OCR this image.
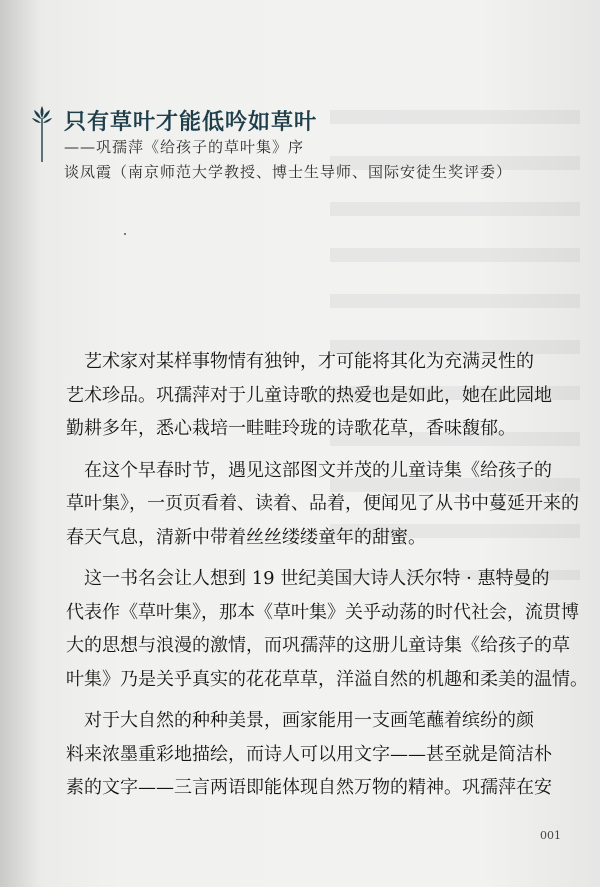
只有草叶才能低吟如草叶
——巩孺萍《给孩子的草叶集》序
谈凤霞（南京师范大学教授、博士生导师、国际安徒生奖评委）

　艺术家对某样事物情有独钟，才可能将其化为充满灵性的
艺术珍品。巩孺萍对于儿童诗歌的热爱也是如此，她在此园地
勤耕多年，悉心栽培一畦畦玲珑的诗歌花草，香味馥郁。

　在这个早春时节，遇见这部图文并茂的儿童诗集《给孩子的
草叶集》，一页页看着、读着、品着，便闻见了从书中蔓延开来的
春天气息，清新中带着丝丝缕缕童年的甜蜜。

　这一书名会让人想到 19 世纪美国大诗人沃尔特 · 惠特曼的
代表作《草叶集》，那本《草叶集》关乎动荡的时代社会，流贯博
大的思想与浪漫的激情，而巩孺萍的这册儿童诗集《给孩子的草
叶集》乃是关乎真实的花花草草，洋溢自然的机趣和柔美的温情。

　对于大自然的种种美景，画家能用一支画笔蘸着缤纷的颜
料来浓墨重彩地描绘，而诗人可以用文字——甚至就是简洁朴
素的文字——三言两语即能体现自然万物的精神。巩孺萍在安

001
